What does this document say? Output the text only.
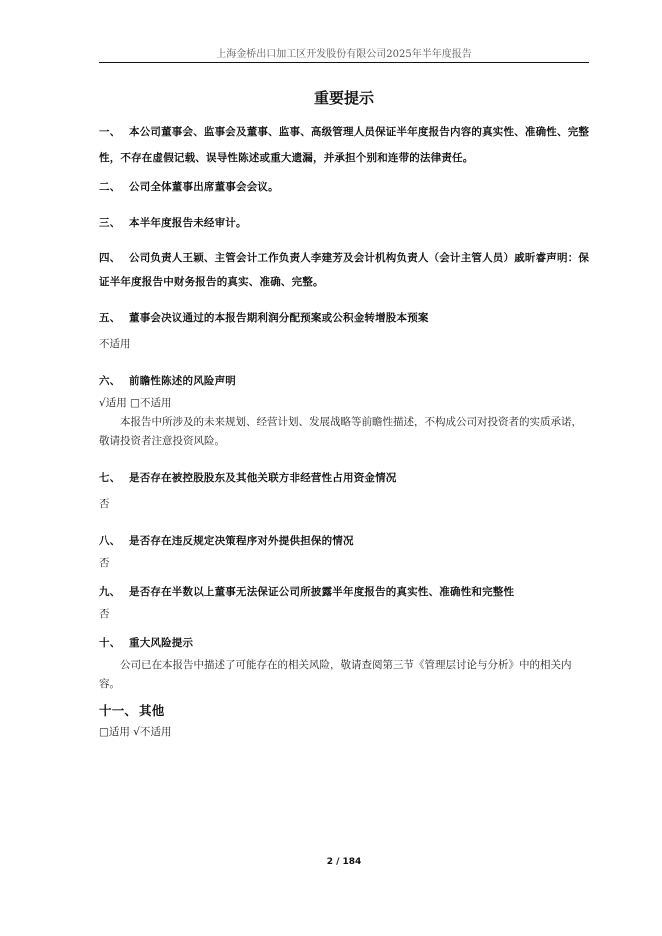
上海金桥出口加工区开发股份有限公司2025年半年度报告
重要提示
一、 本公司董事会、监事会及董事、监事、高级管理人员保证半年度报告内容的真实性、准确性、完整性，不存在虚假记载、误导性陈述或重大遗漏，并承担个别和连带的法律责任。
二、 公司全体董事出席董事会会议。
三、 本半年度报告未经审计。
四、 公司负责人王颖、主管会计工作负责人李建芳及会计机构负责人（会计主管人员）戚昕睿声明：保证半年度报告中财务报告的真实、准确、完整。
五、 董事会决议通过的本报告期利润分配预案或公积金转增股本预案
不适用
六、 前瞻性陈述的风险声明
√适用 □不适用
本报告中所涉及的未来规划、经营计划、发展战略等前瞻性描述，不构成公司对投资者的实质承诺，敬请投资者注意投资风险。
七、 是否存在被控股股东及其他关联方非经营性占用资金情况
否
八、 是否存在违反规定决策程序对外提供担保的情况
否
九、 是否存在半数以上董事无法保证公司所披露半年度报告的真实性、准确性和完整性
否
十、 重大风险提示
公司已在本报告中描述了可能存在的相关风险，敬请查阅第三节《管理层讨论与分析》中的相关内容。
十一、 其他
□适用 √不适用
2 / 184
